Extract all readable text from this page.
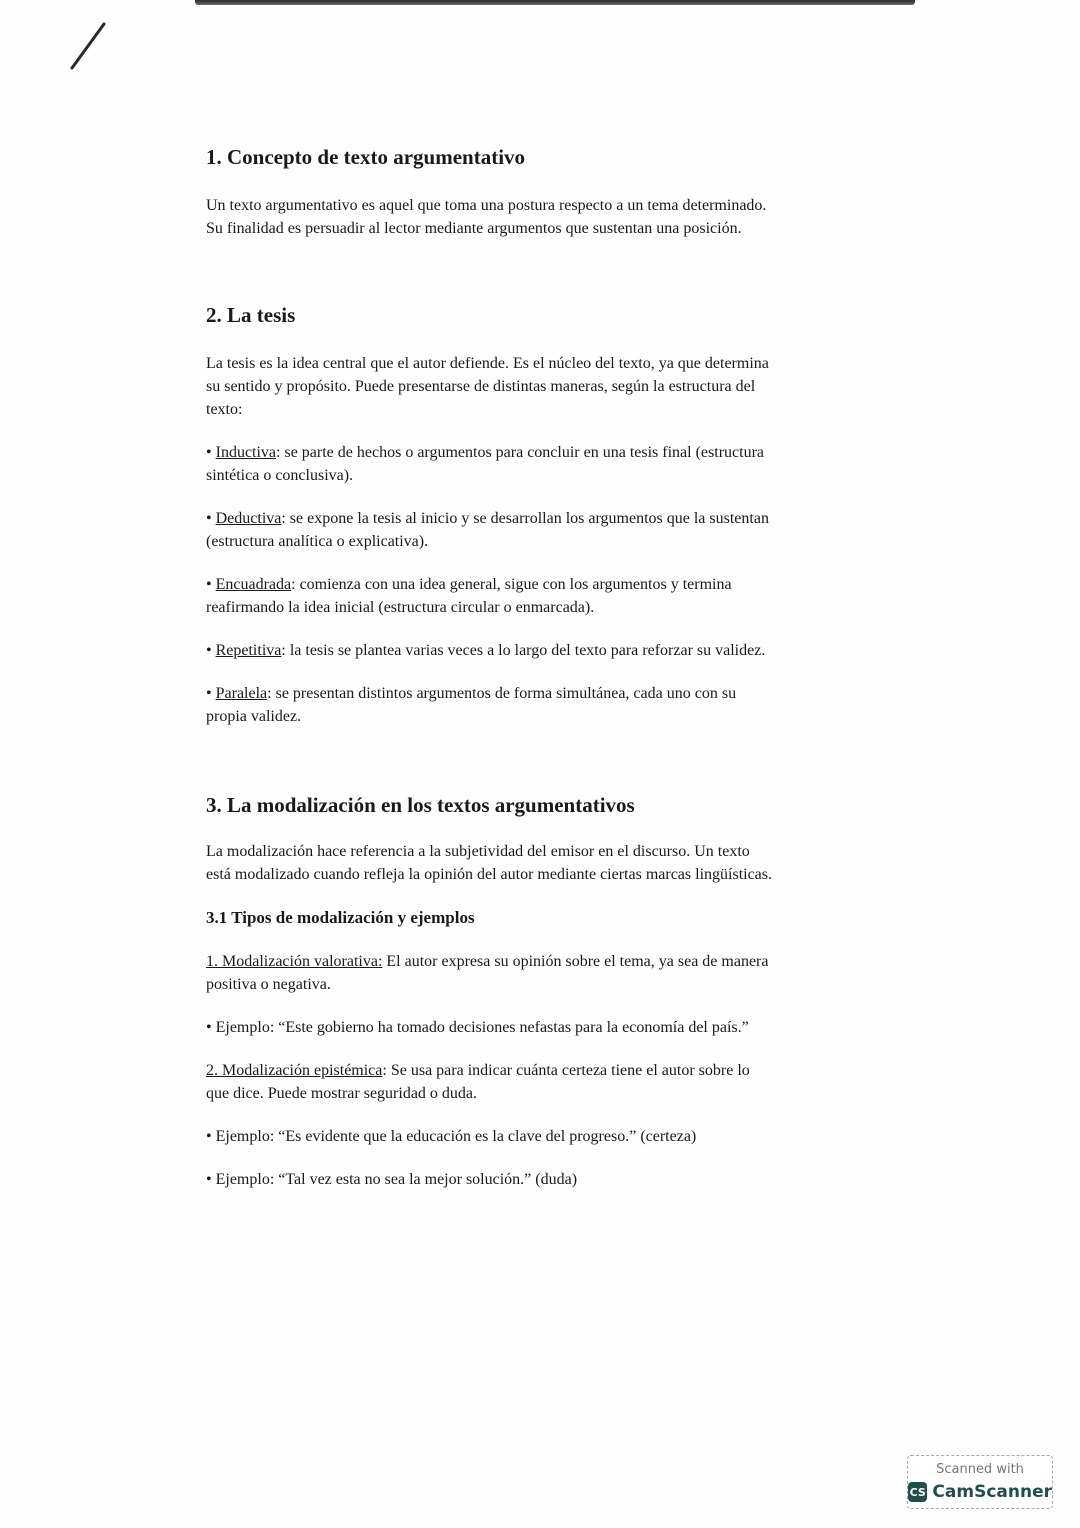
1. Concepto de texto argumentativo
Un texto argumentativo es aquel que toma una postura respecto a un tema determinado.
Su finalidad es persuadir al lector mediante argumentos que sustentan una posición.
2. La tesis
La tesis es la idea central que el autor defiende. Es el núcleo del texto, ya que determina
su sentido y propósito. Puede presentarse de distintas maneras, según la estructura del
texto:
• Inductiva: se parte de hechos o argumentos para concluir en una tesis final (estructura
sintética o conclusiva).
• Deductiva: se expone la tesis al inicio y se desarrollan los argumentos que la sustentan
(estructura analítica o explicativa).
• Encuadrada: comienza con una idea general, sigue con los argumentos y termina
reafirmando la idea inicial (estructura circular o enmarcada).
• Repetitiva: la tesis se plantea varias veces a lo largo del texto para reforzar su validez.
• Paralela: se presentan distintos argumentos de forma simultánea, cada uno con su
propia validez.
3. La modalización en los textos argumentativos
La modalización hace referencia a la subjetividad del emisor en el discurso. Un texto
está modalizado cuando refleja la opinión del autor mediante ciertas marcas lingüísticas.
3.1 Tipos de modalización y ejemplos
1. Modalización valorativa: El autor expresa su opinión sobre el tema, ya sea de manera
positiva o negativa.
• Ejemplo: “Este gobierno ha tomado decisiones nefastas para la economía del país.”
2. Modalización epistémica: Se usa para indicar cuánta certeza tiene el autor sobre lo
que dice. Puede mostrar seguridad o duda.
• Ejemplo: “Es evidente que la educación es la clave del progreso.” (certeza)
• Ejemplo: “Tal vez esta no sea la mejor solución.” (duda)
Scanned with
CS CamScanner
